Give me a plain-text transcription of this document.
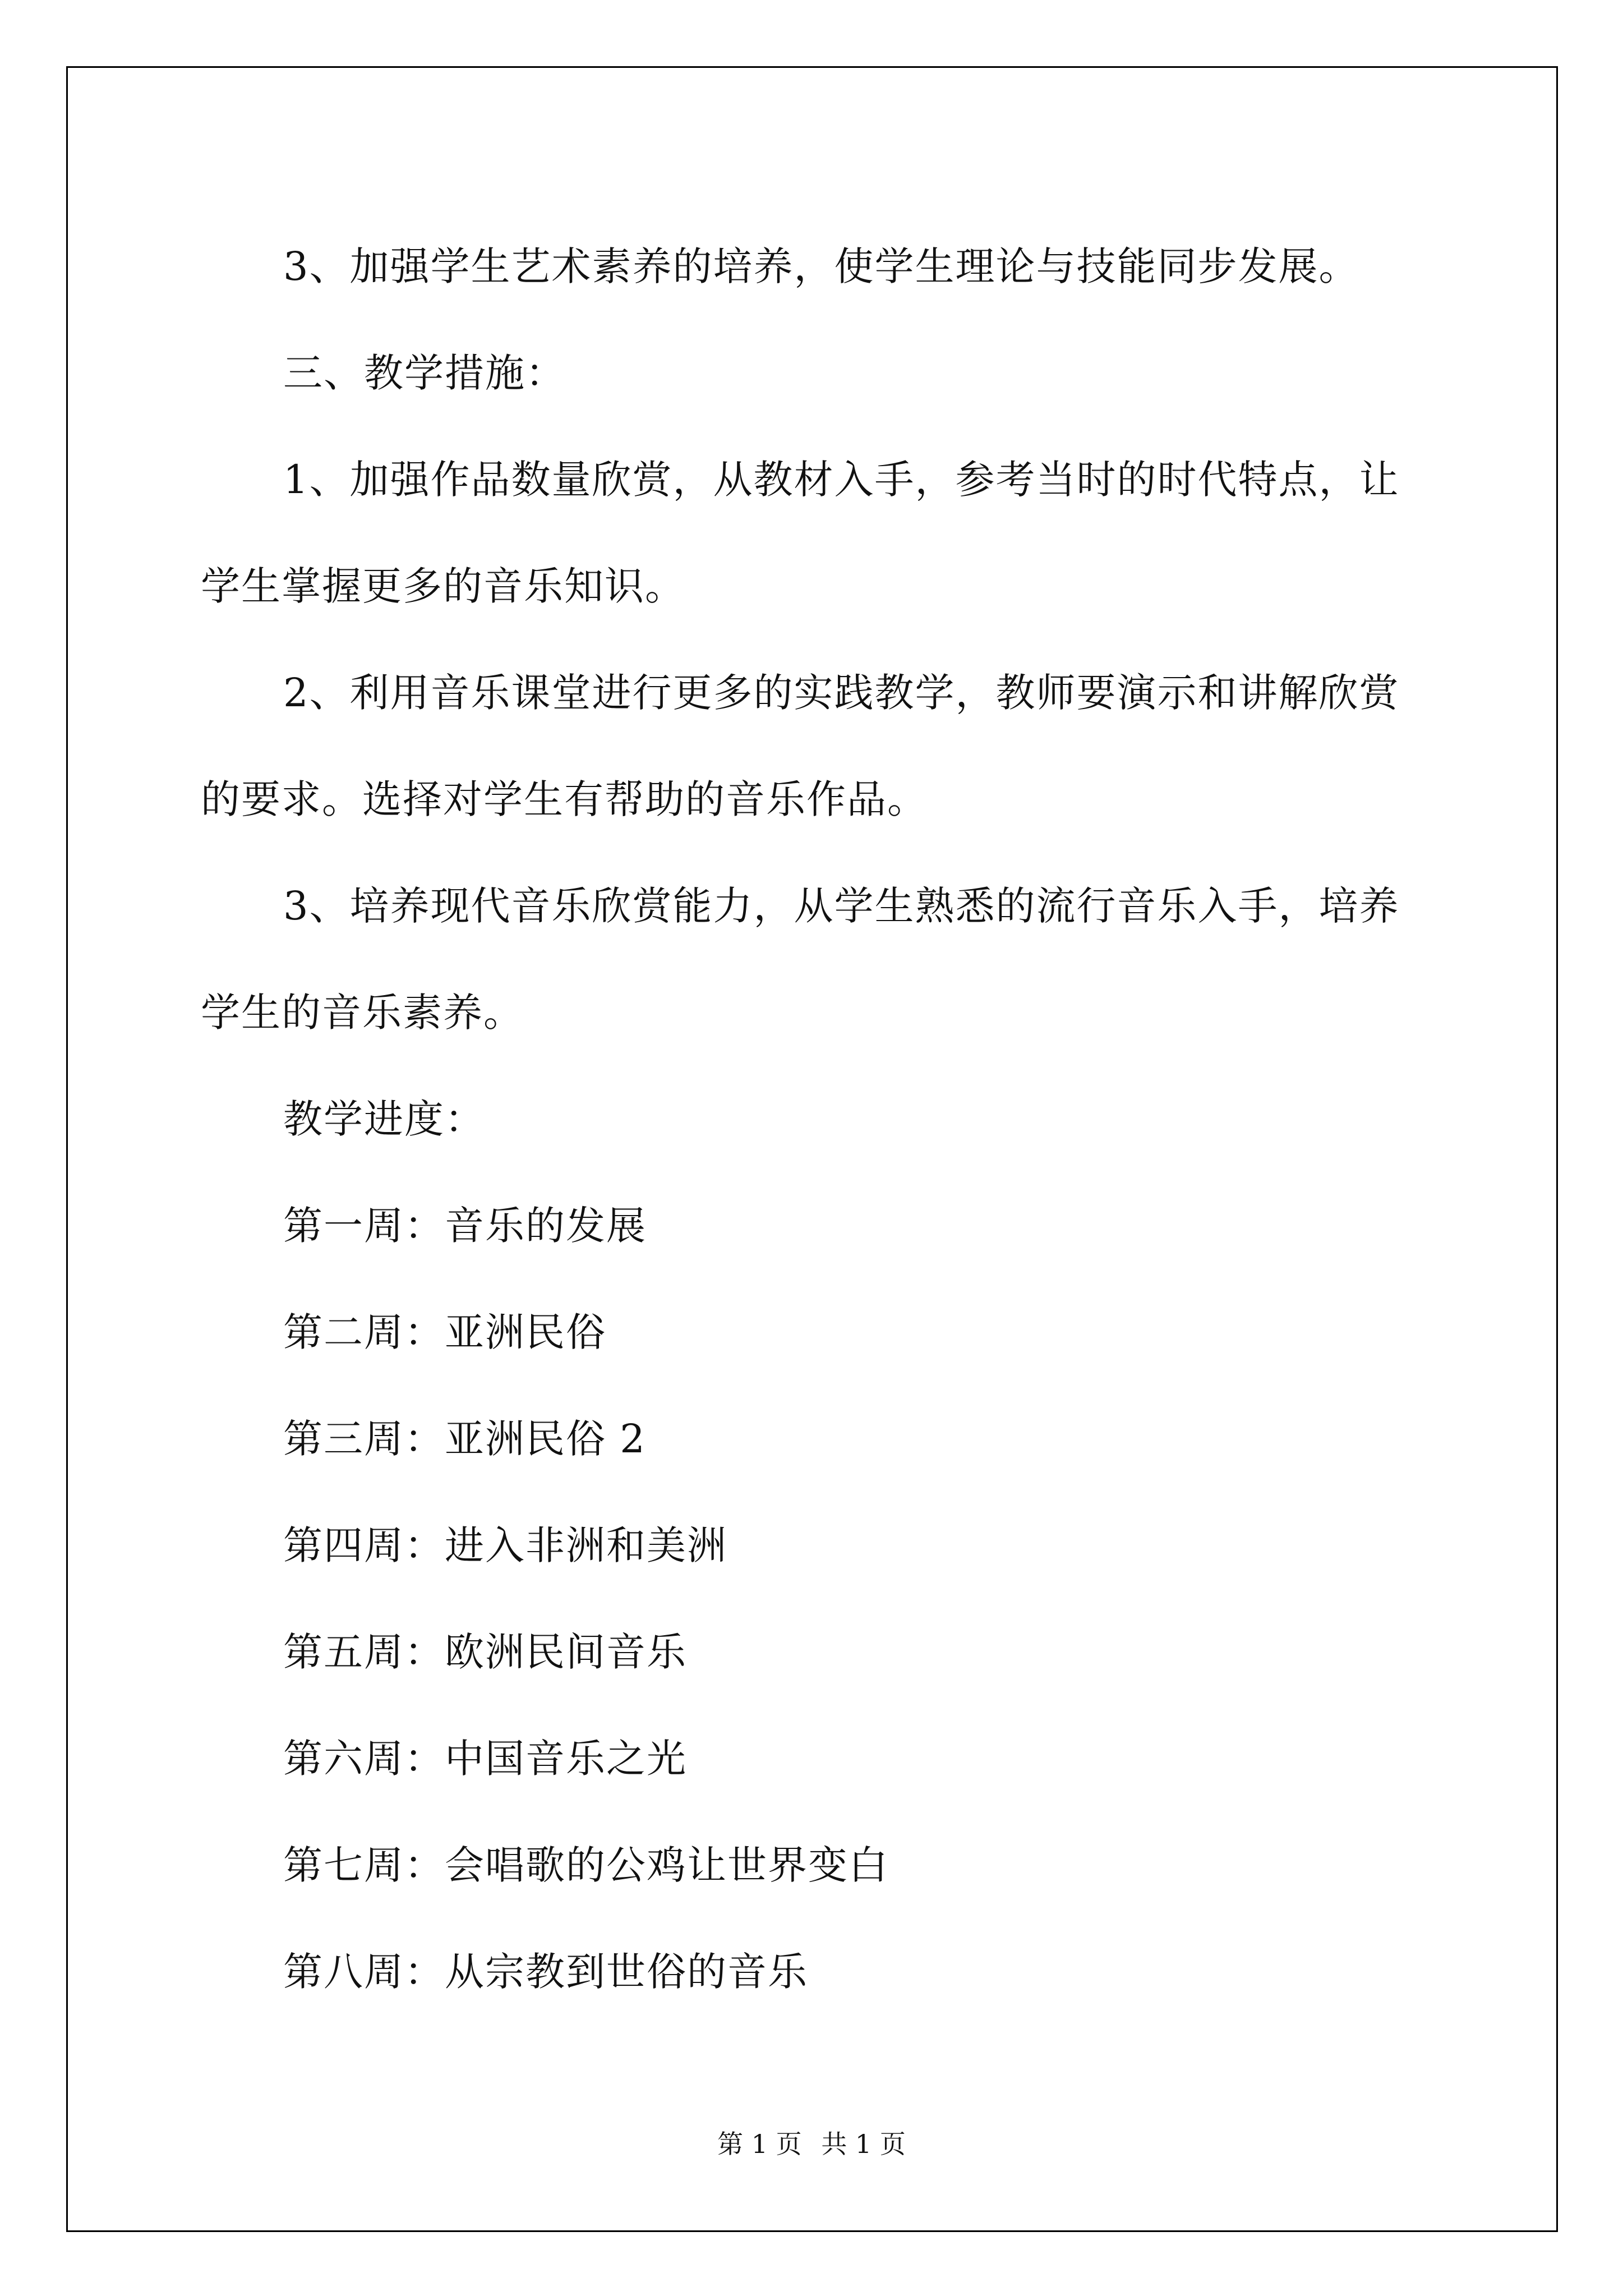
3、加强学生艺术素养的培养，使学生理论与技能同步发展。

三、教学措施：

1、加强作品数量欣赏，从教材入手，参考当时的时代特点，让学生掌握更多的音乐知识。

2、利用音乐课堂进行更多的实践教学，教师要演示和讲解欣赏的要求。选择对学生有帮助的音乐作品。

3、培养现代音乐欣赏能力，从学生熟悉的流行音乐入手，培养学生的音乐素养。

教学进度：

第一周：音乐的发展

第二周：亚洲民俗

第三周：亚洲民俗 2

第四周：进入非洲和美洲

第五周：欧洲民间音乐

第六周：中国音乐之光

第七周：会唱歌的公鸡让世界变白

第八周：从宗教到世俗的音乐

第 1 页 共 1 页
